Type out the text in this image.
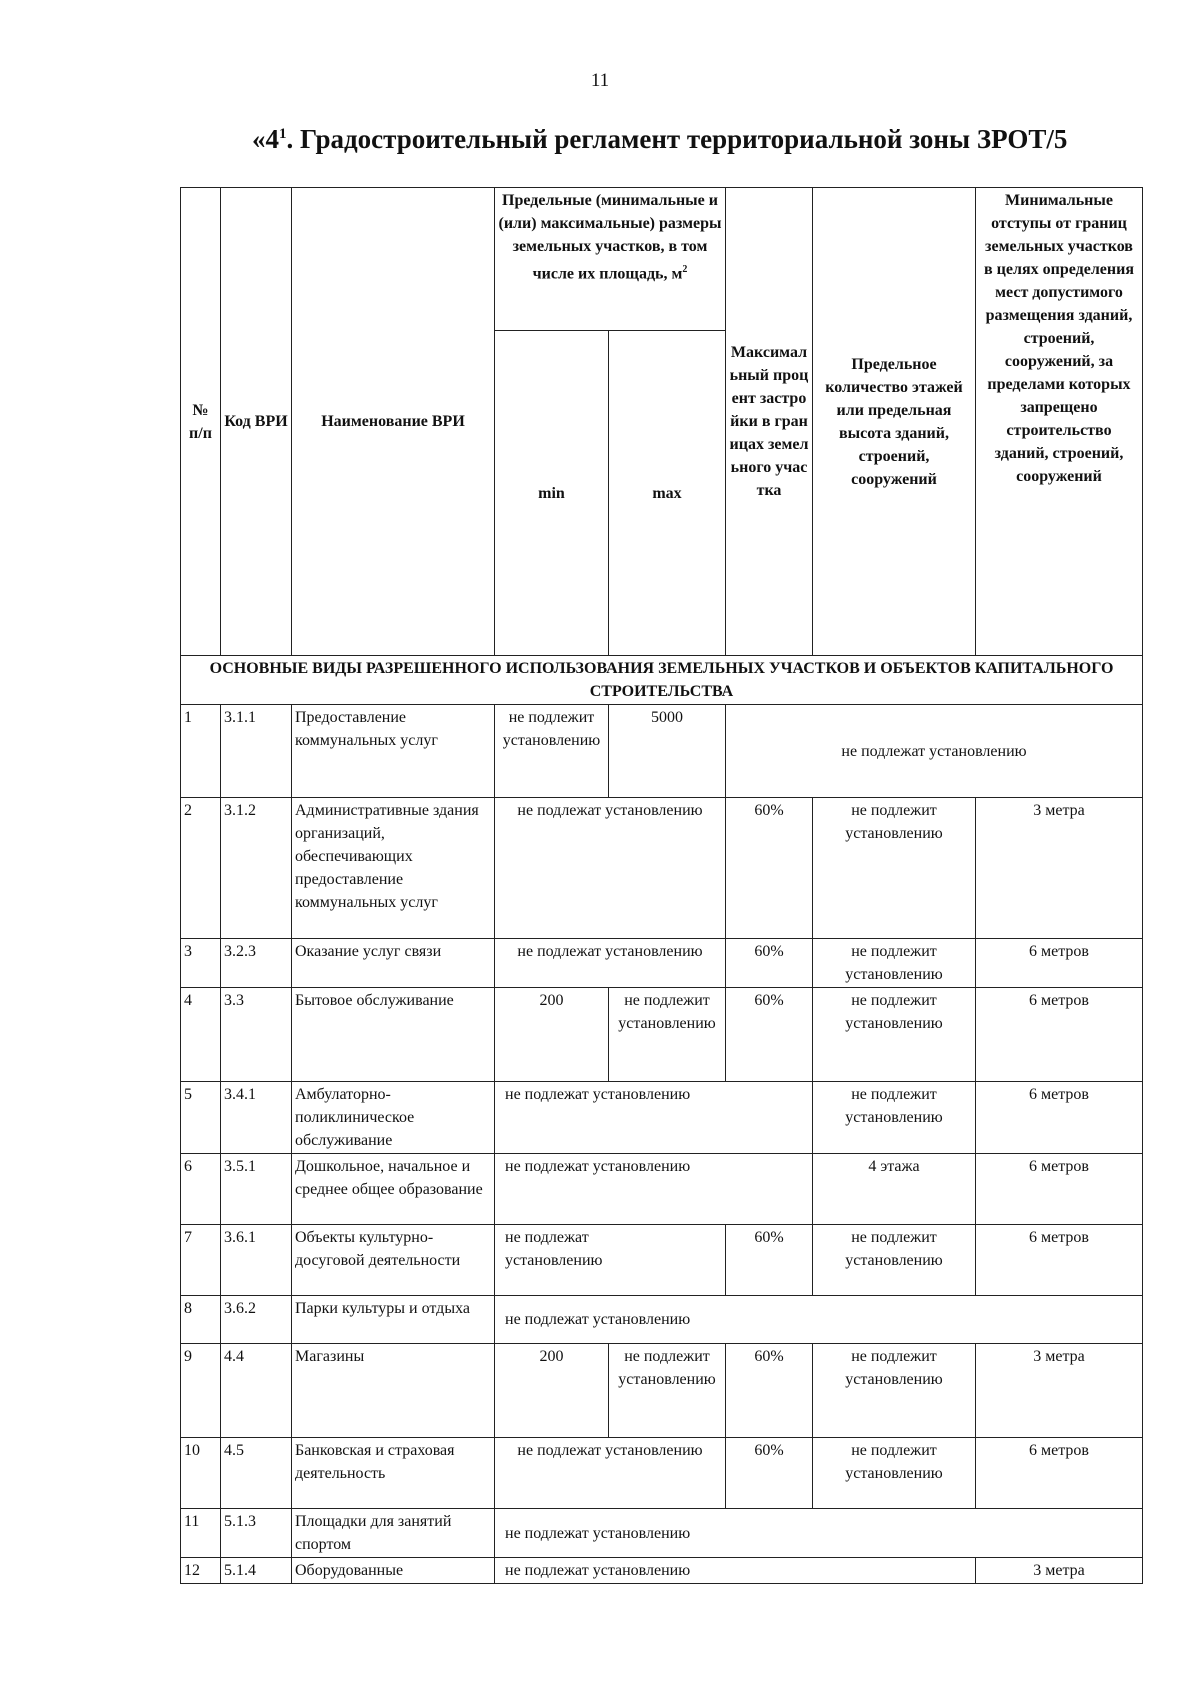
11
«$4^1$. Градостроительный регламент территориальной зоны ЗРОТ/5
№ п/п	Код ВРИ	Наименование ВРИ	Предельные (минимальные и (или) максимальные) размеры земельных участков, в том числе их площадь, $м^2$		Максимальный процент застройки в границах земельного участка	Предельное количество этажей или предельная высота зданий, строений, сооружений	Минимальные отступы от границ земельных участков в целях определения мест допустимого размещения зданий, строений, сооружений, за пределами которых запрещено строительство зданий, строений, сооружений
			min	max			
ОСНОВНЫЕ ВИДЫ РАЗРЕШЕННОГО ИСПОЛЬЗОВАНИЯ ЗЕМЕЛЬНЫХ УЧАСТКОВ И ОБЪЕКТОВ КАПИТАЛЬНОГО СТРОИТЕЛЬСТВА							
1	3.1.1	Предоставление коммунальных услуг	не подлежит установлению	5000	не подлежат установлению		
2	3.1.2	Административные здания организаций, обеспечивающих предоставление коммунальных услуг	не подлежат установлению		60%	не подлежит установлению	3 метра
3	3.2.3	Оказание услуг связи	не подлежат установлению		60%	не подлежит установлению	6 метров
4	3.3	Бытовое обслуживание	200	не подлежит установлению	60%	не подлежит установлению	6 метров
5	3.4.1	Амбулаторно-поликлиническое обслуживание	не подлежат установлению			не подлежит установлению	6 метров
6	3.5.1	Дошкольное, начальное и среднее общее образование	не подлежат установлению			4 этажа	6 метров
7	3.6.1	Объекты культурно-досуговой деятельности	не подлежат установлению		60%	не подлежит установлению	6 метров
8	3.6.2	Парки культуры и отдыха	не подлежат установлению				
9	4.4	Магазины	200	не подлежит установлению	60%	не подлежит установлению	3 метра
10	4.5	Банковская и страховая деятельность	не подлежат установлению		60%	не подлежит установлению	6 метров
11	5.1.3	Площадки для занятий спортом	не подлежат установлению				
12	5.1.4	Оборудованные	не подлежат установлению				3 метра
